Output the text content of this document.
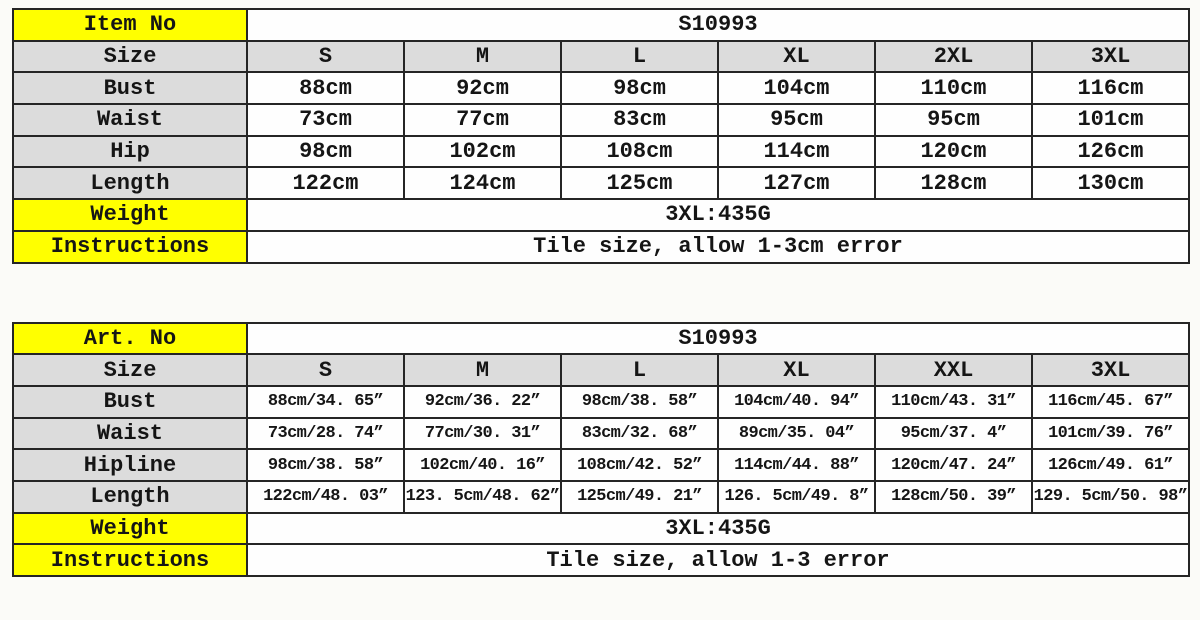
Item No	S10993					
Size	S	M	L	XL	2XL	3XL
Bust	88cm	92cm	98cm	104cm	110cm	116cm
Waist	73cm	77cm	83cm	95cm	95cm	101cm
Hip	98cm	102cm	108cm	114cm	120cm	126cm
Length	122cm	124cm	125cm	127cm	128cm	130cm
Weight	3XL:435G					
Instructions	Tile size, allow 1-3cm error					
Art. No	S10993					
Size	S	M	L	XL	XXL	3XL
Bust	88cm/34. 65”	92cm/36. 22”	98cm/38. 58”	104cm/40. 94”	110cm/43. 31”	116cm/45. 67”
Waist	73cm/28. 74”	77cm/30. 31”	83cm/32. 68”	89cm/35. 04”	95cm/37. 4”	101cm/39. 76”
Hipline	98cm/38. 58”	102cm/40. 16”	108cm/42. 52”	114cm/44. 88”	120cm/47. 24”	126cm/49. 61”
Length	122cm/48. 03”	123. 5cm/48. 62”	125cm/49. 21”	126. 5cm/49. 8”	128cm/50. 39”	129. 5cm/50. 98”
Weight	3XL:435G					
Instructions	Tile size, allow 1-3 error					
